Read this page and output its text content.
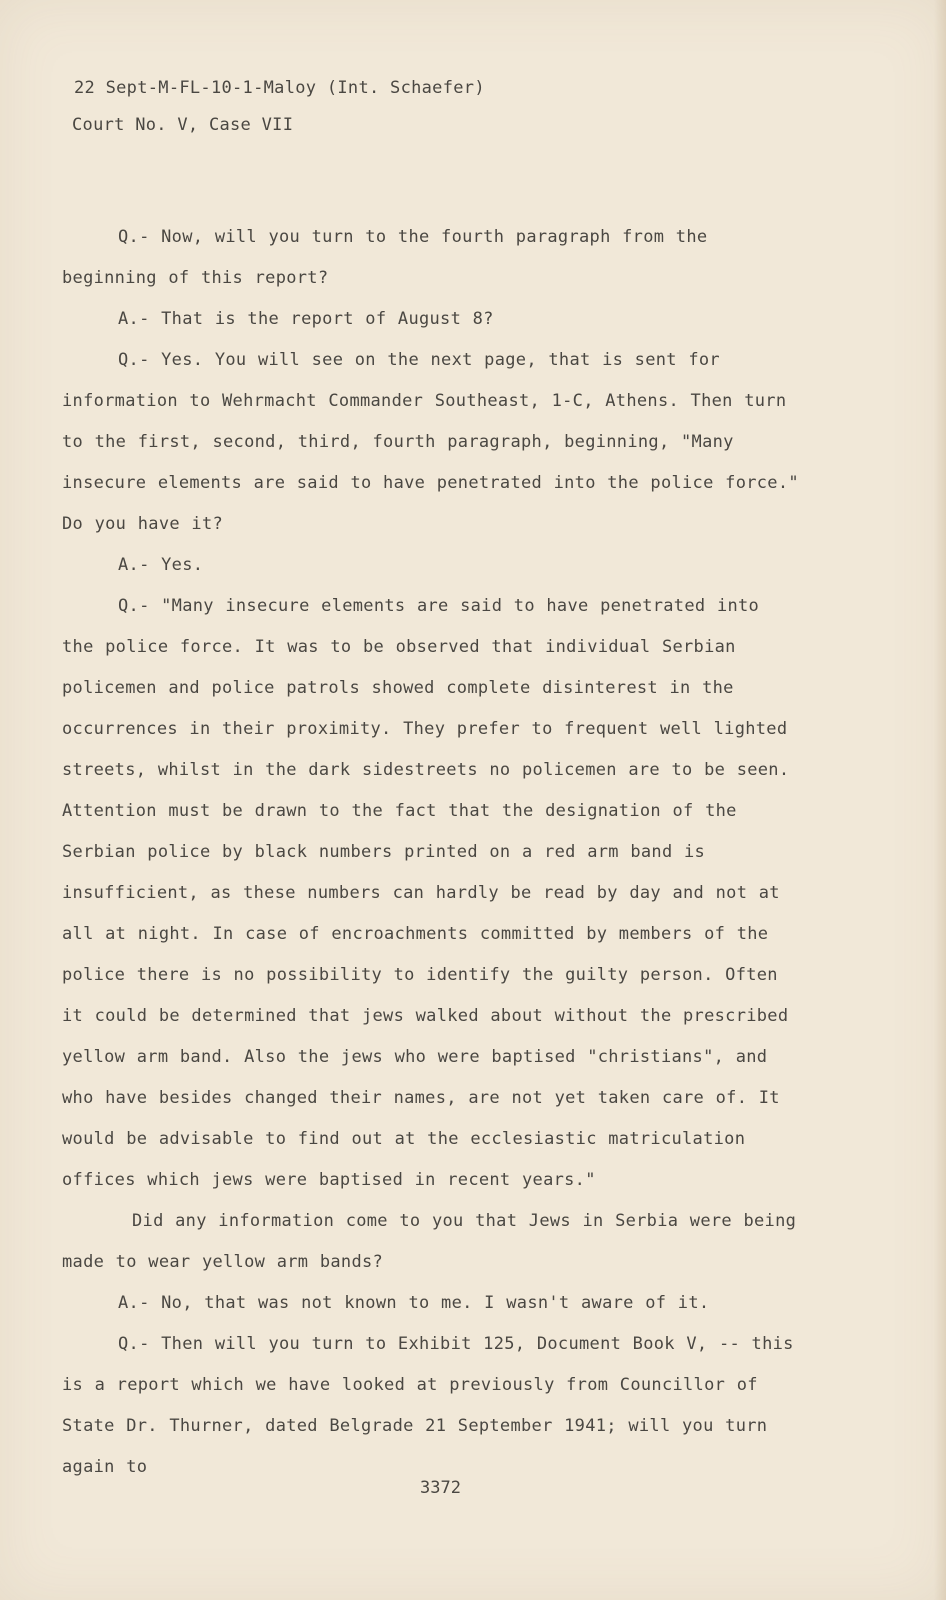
22 Sept-M-FL-10-1-Maloy (Int. Schaefer)

Court No. V, Case VII

Q.- Now, will you turn to the fourth paragraph from the beginning of this report?

A.- That is the report of August 8?

Q.- Yes. You will see on the next page, that is sent for information to Wehrmacht Commander Southeast, 1-C, Athens. Then turn to the first, second, third, fourth paragraph, beginning, "Many insecure elements are said to have penetrated into the police force." Do you have it?

A.- Yes.

Q.- "Many insecure elements are said to have penetrated into the police force. It was to be observed that individual Serbian policemen and police patrols showed complete disinterest in the occurrences in their proximity. They prefer to frequent well lighted streets, whilst in the dark sidestreets no policemen are to be seen. Attention must be drawn to the fact that the designation of the Serbian police by black numbers printed on a red arm band is insufficient, as these numbers can hardly be read by day and not at all at night. In case of encroachments committed by members of the police there is no possibility to identify the guilty person. Often it could be determined that jews walked about without the prescribed yellow arm band. Also the jews who were baptised "christians", and who have besides changed their names, are not yet taken care of. It would be advisable to find out at the ecclesiastic matriculation offices which jews were baptised in recent years."

Did any information come to you that Jews in Serbia were being made to wear yellow arm bands?

A.- No, that was not known to me. I wasn't aware of it.

Q.- Then will you turn to Exhibit 125, Document Book V, -- this is a report which we have looked at previously from Councillor of State Dr. Thurner, dated Belgrade 21 September 1941; will you turn again to

3372
